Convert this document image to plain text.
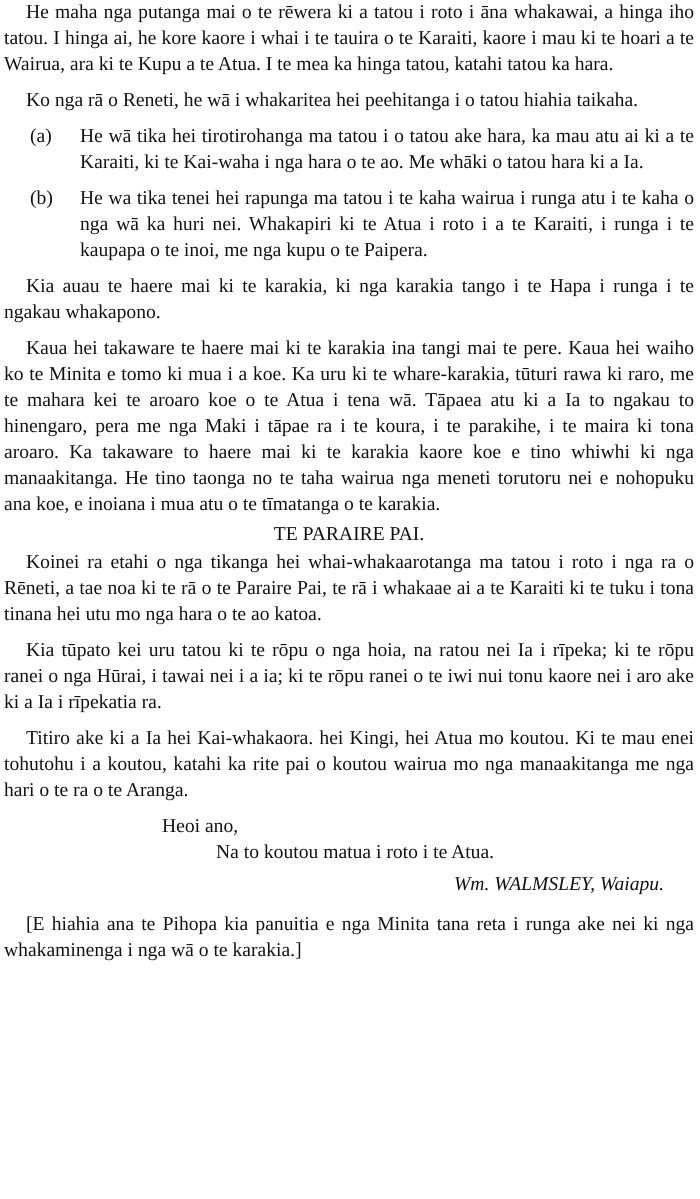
He maha nga putanga mai o te rēwera ki a tatou i roto i āna whakawai, a hinga iho tatou. I hinga ai, he kore kaore i whai i te tauira o te Karaiti, kaore i mau ki te hoari a te Wairua, ara ki te Kupu a te Atua. I te mea ka hinga tatou, katahi tatou ka hara.

Ko nga rā o Reneti, he wā i whakaritea hei peehitanga i o tatou hiahia taikaha.

(a)	He wā tika hei tirotirohanga ma tatou i o tatou ake hara, ka mau atu ai ki a te Karaiti, ki te Kai-waha i nga hara o te ao. Me whāki o tatou hara ki a Ia.
(b)	He wa tika tenei hei rapunga ma tatou i te kaha wairua i runga atu i te kaha o nga wā ka huri nei. Whakapiri ki te Atua i roto i a te Karaiti, i runga i te kaupapa o te inoi, me nga kupu o te Paipera.

Kia auau te haere mai ki te karakia, ki nga karakia tango i te Hapa i runga i te ngakau whakapono.

Kaua hei takaware te haere mai ki te karakia ina tangi mai te pere. Kaua hei waiho ko te Minita e tomo ki mua i a koe. Ka uru ki te whare-karakia, tūturi rawa ki raro, me te mahara kei te aroaro koe o te Atua i tena wā. Tāpaea atu ki a Ia to ngakau to hinengaro, pera me nga Maki i tāpae ra i te koura, i te parakihe, i te maira ki tona aroaro. Ka takaware to haere mai ki te karakia kaore koe e tino whiwhi ki nga manaakitanga. He tino taonga no te taha wairua nga meneti torutoru nei e nohopuku ana koe, e inoiana i mua atu o te tīmatanga o te karakia.

TE PARAIRE PAI.

Koinei ra etahi o nga tikanga hei whai-whakaarotanga ma tatou i roto i nga ra o Rēneti, a tae noa ki te rā o te Paraire Pai, te rā i whakaae ai a te Karaiti ki te tuku i tona tinana hei utu mo nga hara o te ao katoa.

Kia tūpato kei uru tatou ki te rōpu o nga hoia, na ratou nei Ia i rīpeka; ki te rōpu ranei o nga Hūrai, i tawai nei i a ia; ki te rōpu ranei o te iwi nui tonu kaore nei i aro ake ki a Ia i rīpekatia ra.

Titiro ake ki a Ia hei Kai-whakaora. hei Kingi, hei Atua mo koutou. Ki te mau enei tohutohu i a koutou, katahi ka rite pai o koutou wairua mo nga manaakitanga me nga hari o te ra o te Aranga.

Heoi ano,

Na to koutou matua i roto i te Atua.

Wm. WALMSLEY, Waiapu.

[E hiahia ana te Pihopa kia panuitia e nga Minita tana reta i runga ake nei ki nga whakaminenga i nga wā o te karakia.]
